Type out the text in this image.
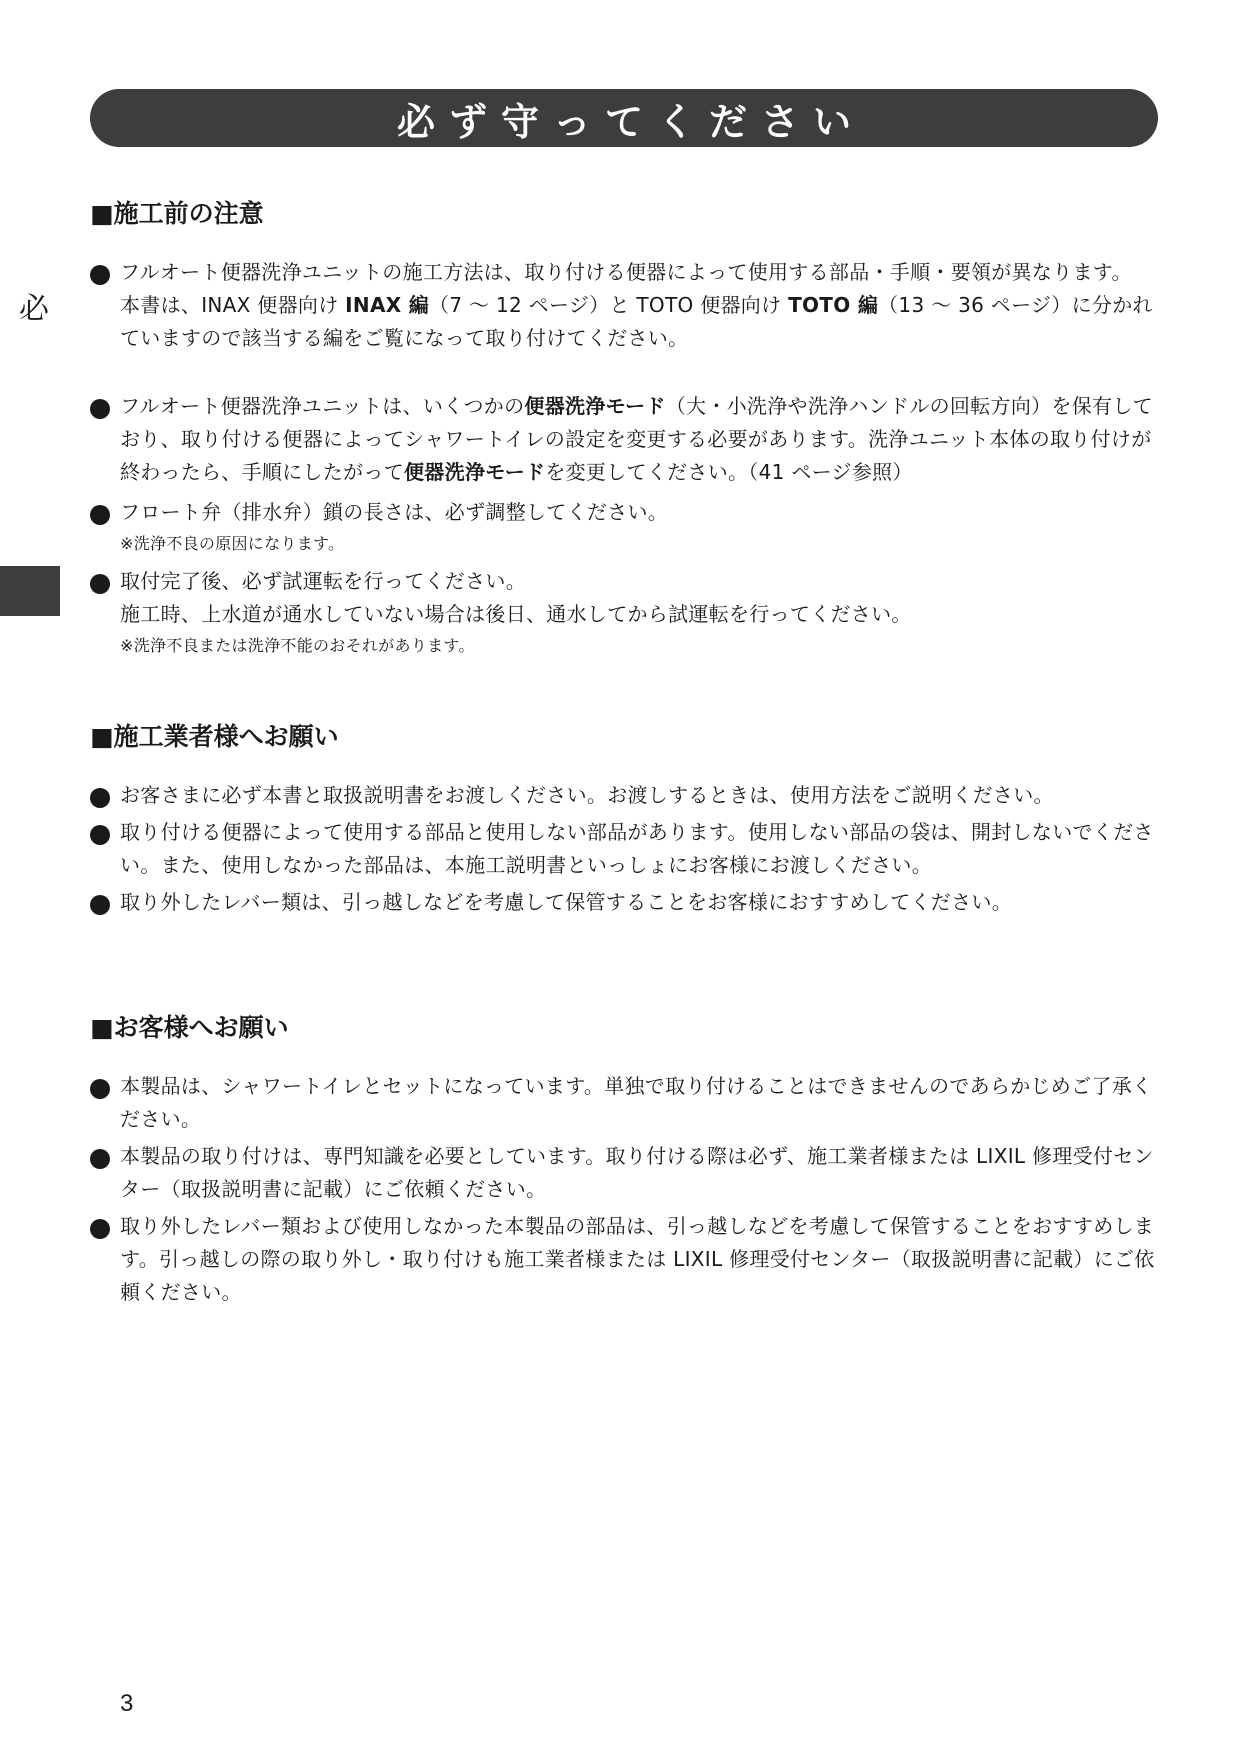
必ず守ってください
必
■施工前の注意
フルオート便器洗浄ユニットの施工方法は、取り付ける便器によって使用する部品・手順・要領が異なります。
本書は、INAX 便器向け INAX 編（7 ～ 12 ページ）と TOTO 便器向け TOTO 編（13 ～ 36 ページ）に分かれていますので該当する編をご覧になって取り付けてください。
フルオート便器洗浄ユニットは、いくつかの便器洗浄モード（大・小洗浄や洗浄ハンドルの回転方向）を保有しており、取り付ける便器によってシャワートイレの設定を変更する必要があります。洗浄ユニット本体の取り付けが終わったら、手順にしたがって便器洗浄モードを変更してください。（41 ページ参照）
フロート弁（排水弁）鎖の長さは、必ず調整してください。
※洗浄不良の原因になります。
取付完了後、必ず試運転を行ってください。
施工時、上水道が通水していない場合は後日、通水してから試運転を行ってください。
※洗浄不良または洗浄不能のおそれがあります。
■施工業者様へお願い
お客さまに必ず本書と取扱説明書をお渡しください。お渡しするときは、使用方法をご説明ください。
取り付ける便器によって使用する部品と使用しない部品があります。使用しない部品の袋は、開封しないでください。また、使用しなかった部品は、本施工説明書といっしょにお客様にお渡しください。
取り外したレバー類は、引っ越しなどを考慮して保管することをお客様におすすめしてください。
■お客様へお願い
本製品は、シャワートイレとセットになっています。単独で取り付けることはできませんのであらかじめご了承ください。
本製品の取り付けは、専門知識を必要としています。取り付ける際は必ず、施工業者様または LIXIL 修理受付センター（取扱説明書に記載）にご依頼ください。
取り外したレバー類および使用しなかった本製品の部品は、引っ越しなどを考慮して保管することをおすすめします。引っ越しの際の取り外し・取り付けも施工業者様または LIXIL 修理受付センター（取扱説明書に記載）にご依頼ください。
3
